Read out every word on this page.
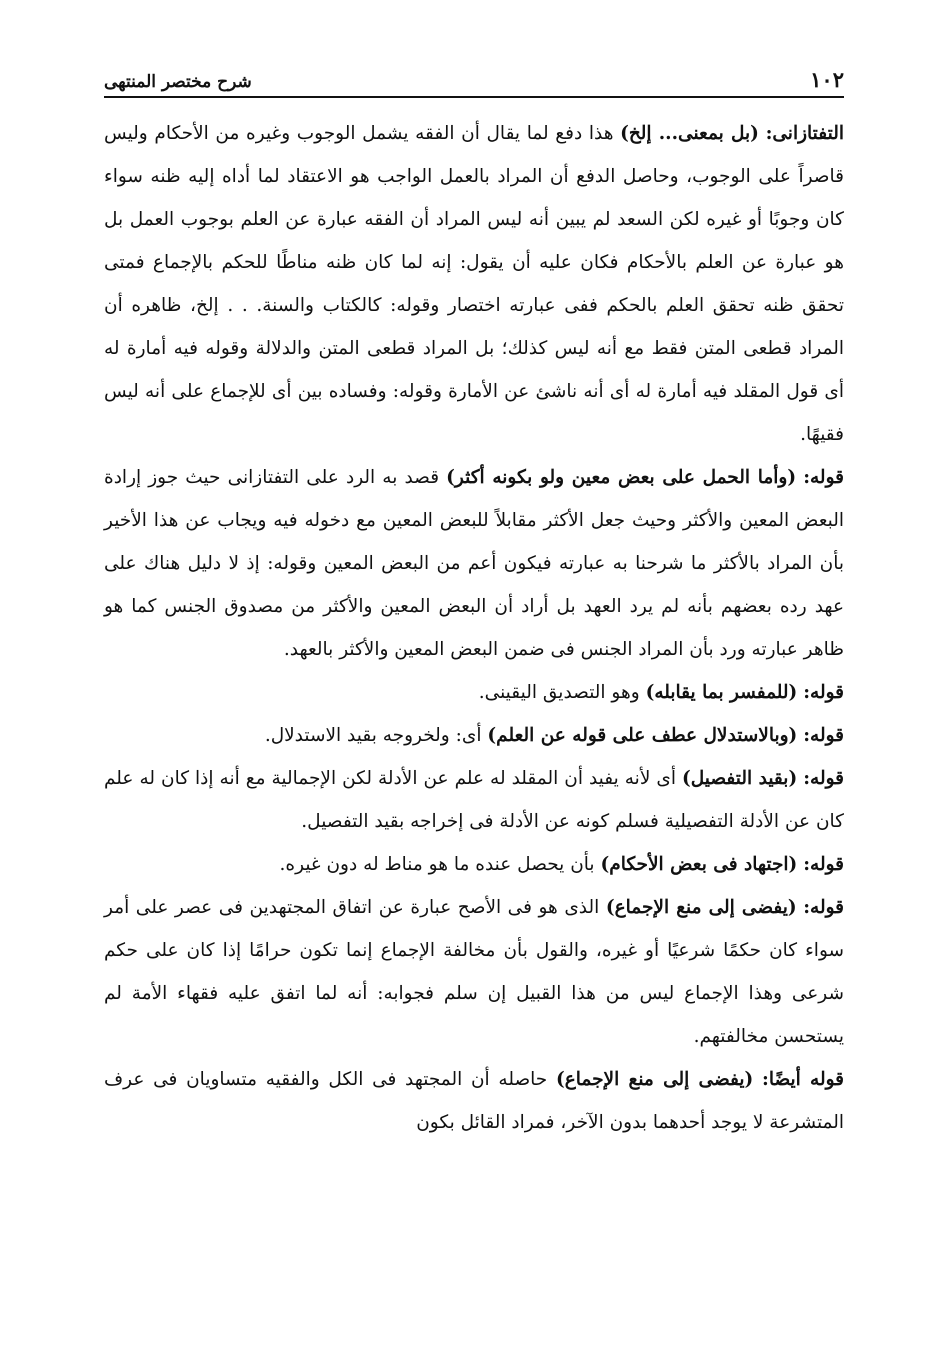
١٠٢
شرح مختصر المنتهى

التفتازانى: (بل بمعنى... إلخ) هذا دفع لما يقال أن الفقه يشمل الوجوب وغيره من الأحكام وليس قاصراً على الوجوب، وحاصل الدفع أن المراد بالعمل الواجب هو الاعتقاد لما أداه إليه ظنه سواء كان وجوبًا أو غيره لكن السعد لم يبين أنه ليس المراد أن الفقه عبارة عن العلم بوجوب العمل بل هو عبارة عن العلم بالأحكام فكان عليه أن يقول: إنه لما كان ظنه مناطًا للحكم بالإجماع فمتى تحقق ظنه تحقق العلم بالحكم ففى عبارته اختصار وقوله: كالكتاب والسنة. . . إلخ، ظاهره أن المراد قطعى المتن فقط مع أنه ليس كذلك؛ بل المراد قطعى المتن والدلالة وقوله فيه أمارة له أى قول المقلد فيه أمارة له أى أنه ناشئ عن الأمارة وقوله: وفساده بين أى للإجماع على أنه ليس فقيهًا.

قوله: (وأما الحمل على بعض معين ولو بكونه أكثر) قصد به الرد على التفتازانى حيث جوز إرادة البعض المعين والأكثر وحيث جعل الأكثر مقابلاً للبعض المعين مع دخوله فيه ويجاب عن هذا الأخير بأن المراد بالأكثر ما شرحنا به عبارته فيكون أعم من البعض المعين وقوله: إذ لا دليل هناك على عهد رده بعضهم بأنه لم يرد العهد بل أراد أن البعض المعين والأكثر من مصدوق الجنس كما هو ظاهر عبارته ورد بأن المراد الجنس فى ضمن البعض المعين والأكثر بالعهد.

قوله: (للمفسر بما يقابله) وهو التصديق اليقينى.

قوله: (وبالاستدلال عطف على قوله عن العلم) أى: ولخروجه بقيد الاستدلال.

قوله: (بقيد التفصيل) أى لأنه يفيد أن المقلد له علم عن الأدلة لكن الإجمالية مع أنه إذا كان له علم كان عن الأدلة التفصيلية فسلم كونه عن الأدلة فى إخراجه بقيد التفصيل.

قوله: (اجتهاد فى بعض الأحكام) بأن يحصل عنده ما هو مناط له دون غيره.

قوله: (يفضى إلى منع الإجماع) الذى هو فى الأصح عبارة عن اتفاق المجتهدين فى عصر على أمر سواء كان حكمًا شرعيًا أو غيره، والقول بأن مخالفة الإجماع إنما تكون حرامًا إذا كان على حكم شرعى وهذا الإجماع ليس من هذا القبيل إن سلم فجوابه: أنه لما اتفق عليه فقهاء الأمة لم يستحسن مخالفتهم.

قوله أيضًا: (يفضى إلى منع الإجماع) حاصله أن المجتهد فى الكل والفقيه متساويان فى عرف المتشرعة لا يوجد أحدهما بدون الآخر، فمراد القائل بكون
